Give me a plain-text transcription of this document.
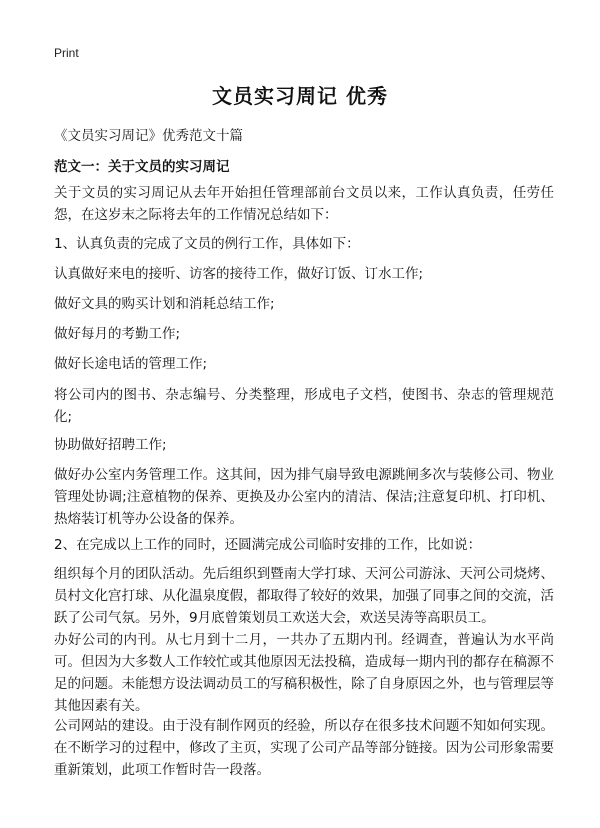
Print
文员实习周记 优秀
《文员实习周记》优秀范文十篇
范文一：关于文员的实习周记

关于文员的实习周记从去年开始担任管理部前台文员以来，工作认真负责，任劳任怨，在这岁末之际将去年的工作情况总结如下：

1、认真负责的完成了文员的例行工作，具体如下：

认真做好来电的接听、访客的接待工作，做好订饭、订水工作;

做好文具的购买计划和消耗总结工作;

做好每月的考勤工作;

做好长途电话的管理工作;

将公司内的图书、杂志编号、分类整理，形成电子文档，使图书、杂志的管理规范化;

协助做好招聘工作;

做好办公室内务管理工作。这其间，因为排气扇导致电源跳闸多次与装修公司、物业管理处协调;注意植物的保养、更换及办公室内的清洁、保洁;注意复印机、打印机、热熔装订机等办公设备的保养。

2、在完成以上工作的同时，还圆满完成公司临时安排的工作，比如说：

组织每个月的团队活动。先后组织到暨南大学打球、天河公司游泳、天河公司烧烤、员村文化宫打球、从化温泉度假，都取得了较好的效果，加强了同事之间的交流，活跃了公司气氛。另外，9月底曾策划员工欢送大会，欢送吴涛等高职员工。

办好公司的内刊。从七月到十二月，一共办了五期内刊。经调查，普遍认为水平尚可。但因为大多数人工作较忙或其他原因无法投稿，造成每一期内刊的都存在稿源不足的问题。未能想方设法调动员工的写稿积极性，除了自身原因之外，也与管理层等其他因素有关。

公司网站的建设。由于没有制作网页的经验，所以存在很多技术问题不知如何实现。在不断学习的过程中，修改了主页，实现了公司产品等部分链接。因为公司形象需要重新策划，此项工作暂时告一段落。
